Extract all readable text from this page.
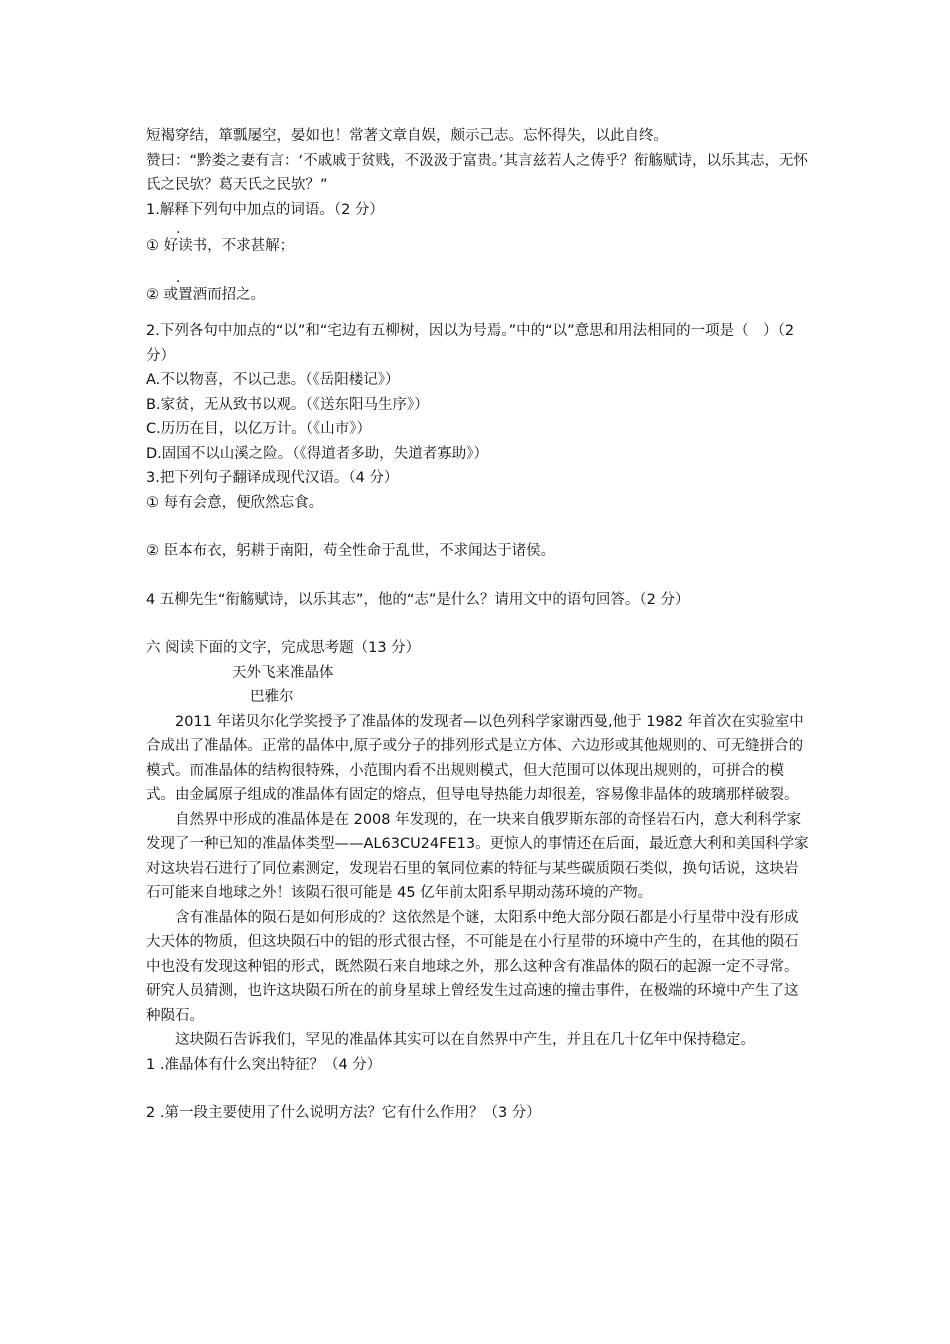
短褐穿结，箪瓢屡空，晏如也！常著文章自娱，颇示己志。忘怀得失，以此自终。

赞曰：“黔娄之妻有言：‘不戚戚于贫贱，不汲汲于富贵。’其言兹若人之俦乎？衔觞赋诗，以乐其志，无怀氏之民欤？葛天氏之民欤？”

1.解释下列句中加点的词语。（2 分）

.
① 好读书，不求甚解；

.
② 或置酒而招之。

2.下列各句中加点的“以”和“宅边有五柳树，因以为号焉。”中的“以”意思和用法相同的一项是（　）（2 分）

A.不以物喜，不以己悲。（《岳阳楼记》）

B.家贫，无从致书以观。（《送东阳马生序》）

C.历历在目，以亿万计。（《山市》）

D.固国不以山溪之险。（《得道者多助，失道者寡助》）

3.把下列句子翻译成现代汉语。（4 分）

① 每有会意，便欣然忘食。

② 臣本布衣，躬耕于南阳，苟全性命于乱世，不求闻达于诸侯。

4 五柳先生“衔觞赋诗，以乐其志”，他的“志”是什么？请用文中的语句回答。（2 分）

六 阅读下面的文字，完成思考题（13 分）

天外飞来准晶体

巴雅尔

2011 年诺贝尔化学奖授予了准晶体的发现者—以色列科学家谢西曼,他于 1982 年首次在实验室中合成出了准晶体。正常的晶体中,原子或分子的排列形式是立方体、六边形或其他规则的、可无缝拼合的模式。而准晶体的结构很特殊，小范围内看不出规则模式，但大范围可以体现出规则的，可拼合的模式。由金属原子组成的准晶体有固定的熔点，但导电导热能力却很差，容易像非晶体的玻璃那样破裂。

自然界中形成的准晶体是在 2008 年发现的，在一块来自俄罗斯东部的奇怪岩石内，意大利科学家发现了一种已知的准晶体类型——AL63CU24FE13。更惊人的事情还在后面，最近意大利和美国科学家对这块岩石进行了同位素测定，发现岩石里的氧同位素的特征与某些碳质陨石类似，换句话说，这块岩石可能来自地球之外！该陨石很可能是 45 亿年前太阳系早期动荡环境的产物。

含有准晶体的陨石是如何形成的？这依然是个谜，太阳系中绝大部分陨石都是小行星带中没有形成大天体的物质，但这块陨石中的铝的形式很古怪，不可能是在小行星带的环境中产生的，在其他的陨石中也没有发现这种铝的形式，既然陨石来自地球之外，那么这种含有准晶体的陨石的起源一定不寻常。研究人员猜测，也许这块陨石所在的前身星球上曾经发生过高速的撞击事件，在极端的环境中产生了这种陨石。

这块陨石告诉我们，罕见的准晶体其实可以在自然界中产生，并且在几十亿年中保持稳定。

1 .准晶体有什么突出特征？（4 分）

2 .第一段主要使用了什么说明方法？它有什么作用？（3 分）
